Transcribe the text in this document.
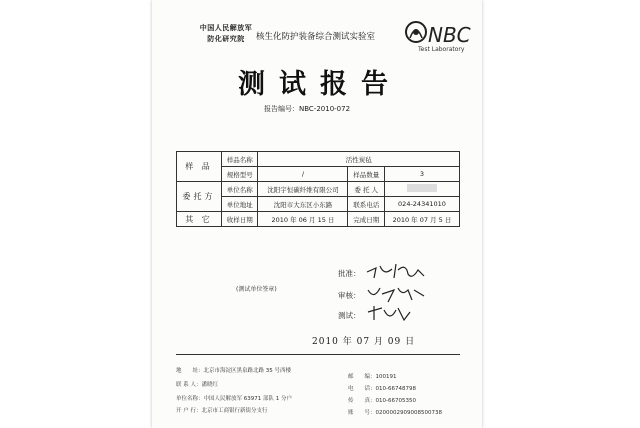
中国人民解放军
防化研究院	核生化防护装备综合测试实验室	NBC
Test Laboratory
测试报告
报告编号：NBC-2010-072
样 品	样品名称	活性炭毡		
	规格型号	/	样品数量	3
委托方	单位名称	沈阳宇恒碳纤维有限公司	委 托 人	
	单位地址	沈阳市大东区小东路	联系电话	024-24341010
其 它	收样日期	2010 年 06 月 15 日	完成日期	2010 年 07 月 5 日
批准：
审核：
测试：
(测试单位签章)
2010 年 07 月 09 日
地　　址：北京市海淀区黑泉路北路 35 号西楼
联 系 人：潘晓红
单位名称：中国人民解放军 63971 部队 1 分户
开 户 行：北京市工商银行新街分支行
邮　　编：100191
电　　话：010-66748798
传　　真：010-66705350
账　　号：0200002909008500738
